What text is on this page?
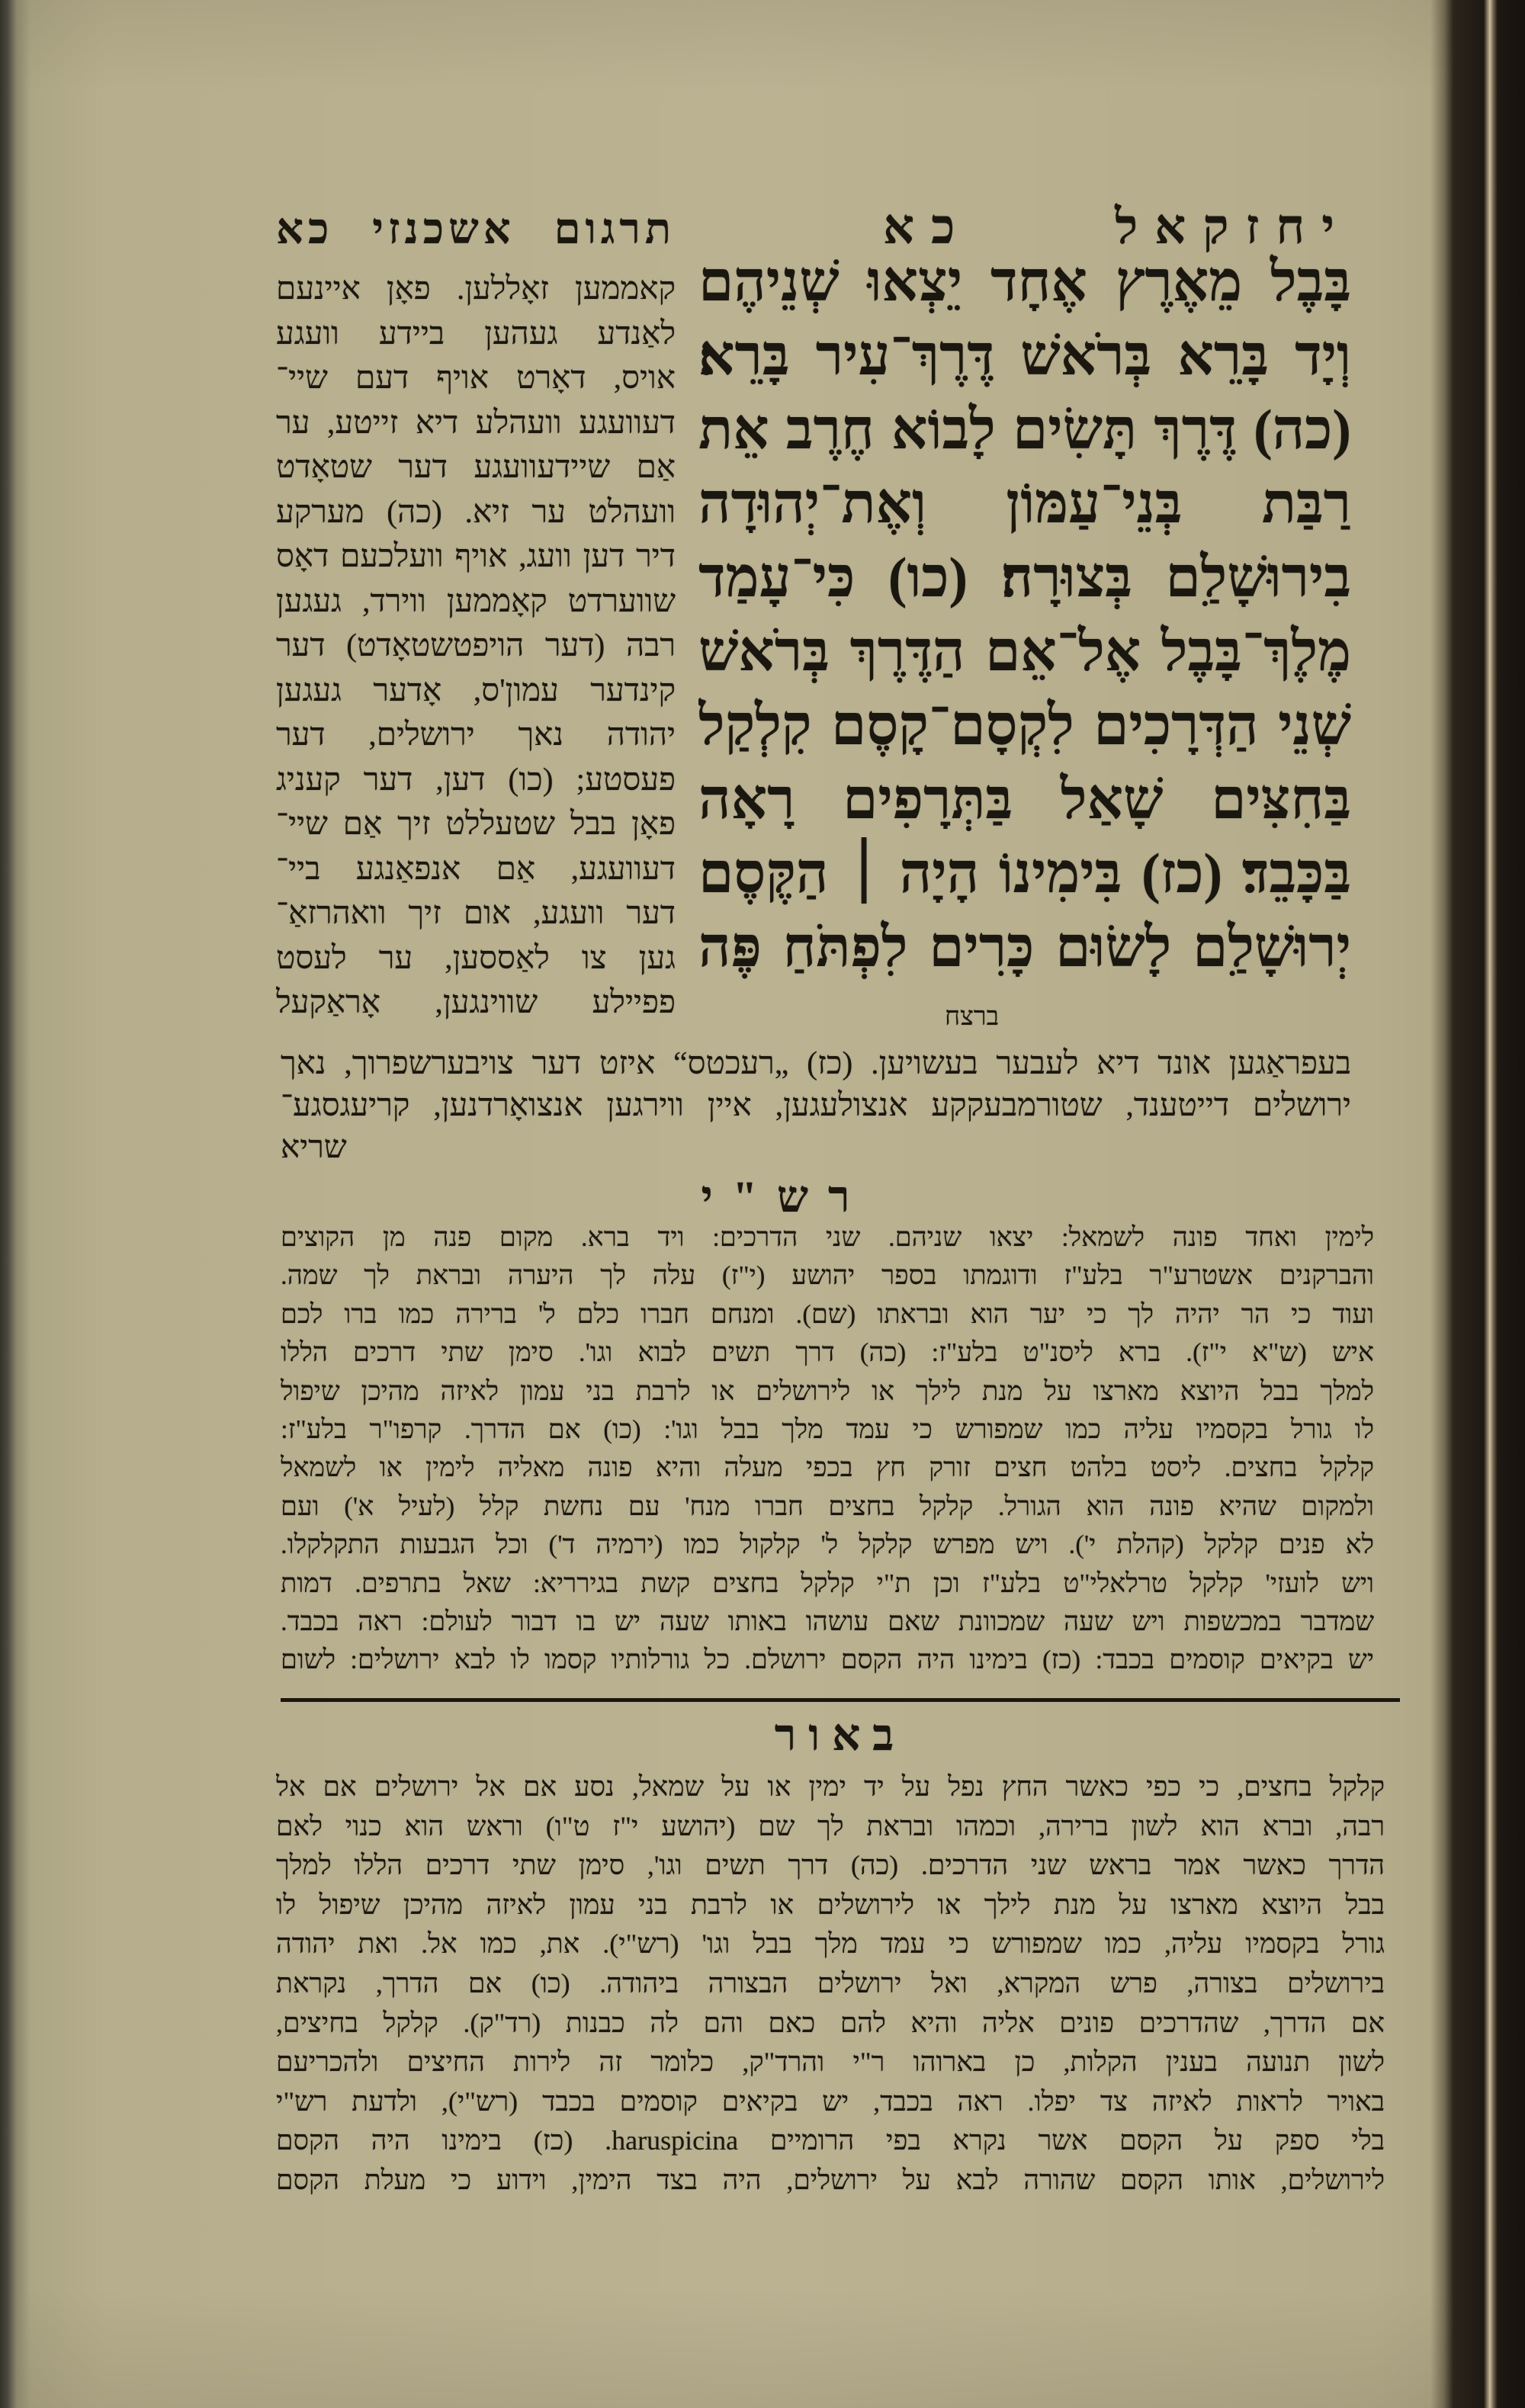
יחזקאל כא
תרגום אשכנזי כא
בָּבֶל מֵאֶרֶץ אֶחָד יֵצְאוּ שְׁנֵיהֶם
וְיָד בָּרֵא בְּרֹאשׁ דֶּרֶךְ־עִיר בָּרֵא׃
(כה) דֶּרֶךְ תָּשִׂים לָבוֹא חֶרֶב אֵת
רַבַּת בְּנֵי־עַמּוֹן וְאֶת־יְהוּדָה
בִירוּשָׁלִַם בְּצוּרָה׃ (כו) כִּי־עָמַד
מֶלֶךְ־בָּבֶל אֶל־אֵם הַדֶּרֶךְ בְּרֹאשׁ
שְׁנֵי הַדְּרָכִים לִקְסָם־קָסֶם קִלְקַל
בַּחִצִּים שָׁאַל בַּתְּרָפִים רָאָה
בַּכָּבֵד׃ (כז) בִּימִינוֹ הָיָה ׀ הַקֶּסֶם
יְרוּשָׁלִַם לָשׂוּם כָּרִים לִפְתֹּחַ פֶּה
ברצח
קאממען זאָללען. פאָן איינעם
לאַנדע געהען ביידע וועגע
אויס, דאָרט אויף דעם שיי־
דעוועגע וועהלע דיא זייטע, ער
אַם שיידעוועגע דער שטאָדט
וועהלט ער זיא. (כה) מערקע
דיר דען וועג, אויף וועלכעם דאָס
שווערדט קאָממען ווירד, געגען
רבה (דער הויפטשטאָדט) דער
קינדער עמון'ס, אָדער געגען
יהודה נאך ירושלים, דער
פעסטע; (כו) דען, דער קעניג
פאָן בבל שטעללט זיך אַם שיי־
דעוועגע, אַם אנפאַנגע ביי־
דער וועגע, אום זיך וואהרזאַ־
גען צו לאַססען, ער לעסט
פפיילע שווינגען, אָראַקעל
בעפראַגען אונד דיא לעבער בעשויען. (כז) „רעכטס“ איזט דער צויבערשפרוך, נאך
ירושלים דייטענד, שטורמבעקקע אנצולעגען, איין ווירגען אנצואָרדנען, קריעגסגע־
שריא
רש"י
לימין ואחד פונה לשמאל: יצאו שניהם. שני הדרכים: ויד ברא. מקום פנה מן הקוצים
והברקנים אשטרע"ר בלע"ז ודוגמתו בספר יהושע (י"ז) עלה לך היערה ובראת לך שמה.
ועוד כי הר יהיה לך כי יער הוא ובראתו (שם). ומנחם חברו כלם ל' ברירה כמו ברו לכם
איש (ש"א י"ז). ברא ליסנ"ט בלע"ז: (כה) דרך תשים לבוא וגו'. סימן שתי דרכים הללו
למלך בבל היוצא מארצו על מנת לילך או לירושלים או לרבת בני עמון לאיזה מהיכן שיפול
לו גורל בקסמיו עליה כמו שמפורש כי עמד מלך בבל וגו': (כו) אם הדרך. קרפו"ר בלע"ז:
קלקל בחצים. ליסט בלהט חצים זורק חץ בכפי מעלה והיא פונה מאליה לימין או לשמאל
ולמקום שהיא פונה הוא הגורל. קלקל בחצים חברו מנח' עם נחשת קלל (לעיל א') ועם
לא פנים קלקל (קהלת י'). ויש מפרש קלקל ל' קלקול כמו (ירמיה ד') וכל הגבעות התקלקלו.
ויש לועזי' קלקל טרלאלי"ט בלע"ז וכן ת"י קלקל בחצים קשת בגירריא: שאל בתרפים. דמות
שמדבר במכשפות ויש שעה שמכוונת שאם עושהו באותו שעה יש בו דבור לעולם: ראה בכבד.
יש בקיאים קוסמים בכבד: (כז) בימינו היה הקסם ירושלם. כל גורלותיו קסמו לו לבא ירושלים: לשום
באור
קלקל בחצים, כי כפי כאשר החץ נפל על יד ימין או על שמאל, נסע אם אל ירושלים אם אל
רבה, וברא הוא לשון ברירה, וכמהו ובראת לך שם (יהושע י"ז ט"ו) וראש הוא כנוי לאם
הדרך כאשר אמר בראש שני הדרכים. (כה) דרך תשים וגו', סימן שתי דרכים הללו למלך
בבל היוצא מארצו על מנת לילך או לירושלים או לרבת בני עמון לאיזה מהיכן שיפול לו
גורל בקסמיו עליה, כמו שמפורש כי עמד מלך בבל וגו' (רש"י). את, כמו אל. ואת יהודה
בירושלים בצורה, פרש המקרא, ואל ירושלים הבצורה ביהודה. (כו) אם הדרך, נקראת
אם הדרך, שהדרכים פונים אליה והיא להם כאם והם לה כבנות (רד"ק). קלקל בחיצים,
לשון תנועה בענין הקלות, כן בארוהו ר"י והרד"ק, כלומר זה לירות החיצים ולהכריעם
באויר לראות לאיזה צד יפלו. ראה בכבד, יש בקיאים קוסמים בכבד (רש"י), ולדעת רש"י
בלי ספק על הקסם אשר נקרא בפי הרומיים haruspicina. (כז) בימינו היה הקסם
לירושלים, אותו הקסם שהורה לבא על ירושלים, היה בצד הימין, וידוע כי מעלת הקסם
